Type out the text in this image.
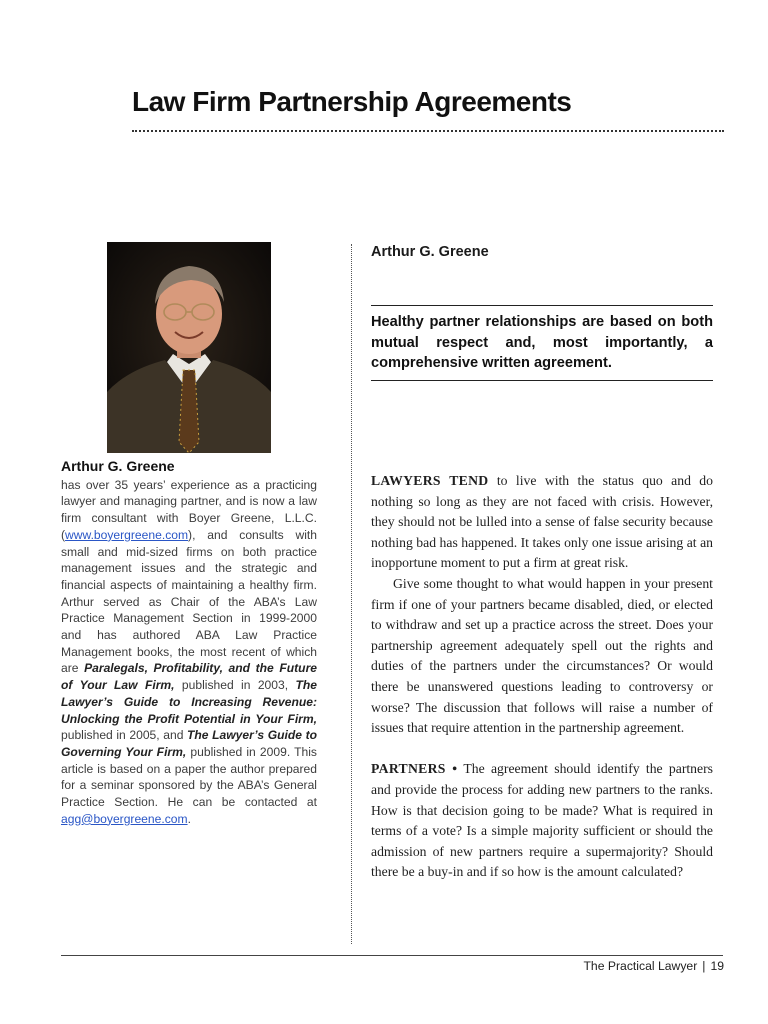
Law Firm Partnership Agreements
Arthur G. Greene
has over 35 years’ experience as a practicing lawyer and managing partner, and is now a law firm consultant with Boyer Greene, L.L.C. (www.boyergreene.com), and consults with small and mid-sized firms on both practice management issues and the strategic and financial aspects of maintaining a healthy firm. Arthur served as Chair of the ABA’s Law Practice Management Section in 1999-2000 and has authored ABA Law Practice Management books, the most recent of which are Paralegals, Profitability, and the Future of Your Law Firm, published in 2003, The Lawyer’s Guide to Increasing Revenue: Unlocking the Profit Potential in Your Firm, published in 2005, and The Lawyer’s Guide to Governing Your Firm, published in 2009. This article is based on a paper the author prepared for a seminar sponsored by the ABA’s General Practice Section. He can be contacted at agg@boyergreene.com.
Arthur G. Greene
Healthy partner relationships are based on both mutual respect and, most importantly, a comprehensive written agreement.

LAWYERS TEND to live with the status quo and do nothing so long as they are not faced with crisis. However, they should not be lulled into a sense of false security because nothing bad has happened. It takes only one issue arising at an inopportune moment to put a firm at great risk.

Give some thought to what would happen in your present firm if one of your partners became disabled, died, or elected to withdraw and set up a practice across the street. Does your partnership agreement adequately spell out the rights and duties of the partners under the circumstances? Or would there be unanswered questions leading to controversy or worse? The discussion that follows will raise a number of issues that require attention in the partnership agreement.

PARTNERS • The agreement should identify the partners and provide the process for adding new partners to the ranks. How is that decision going to be made? What is required in terms of a vote? Is a simple majority sufficient or should the admission of new partners require a supermajority? Should there be a buy-in and if so how is the amount calculated?

The Practical Lawyer | 19
